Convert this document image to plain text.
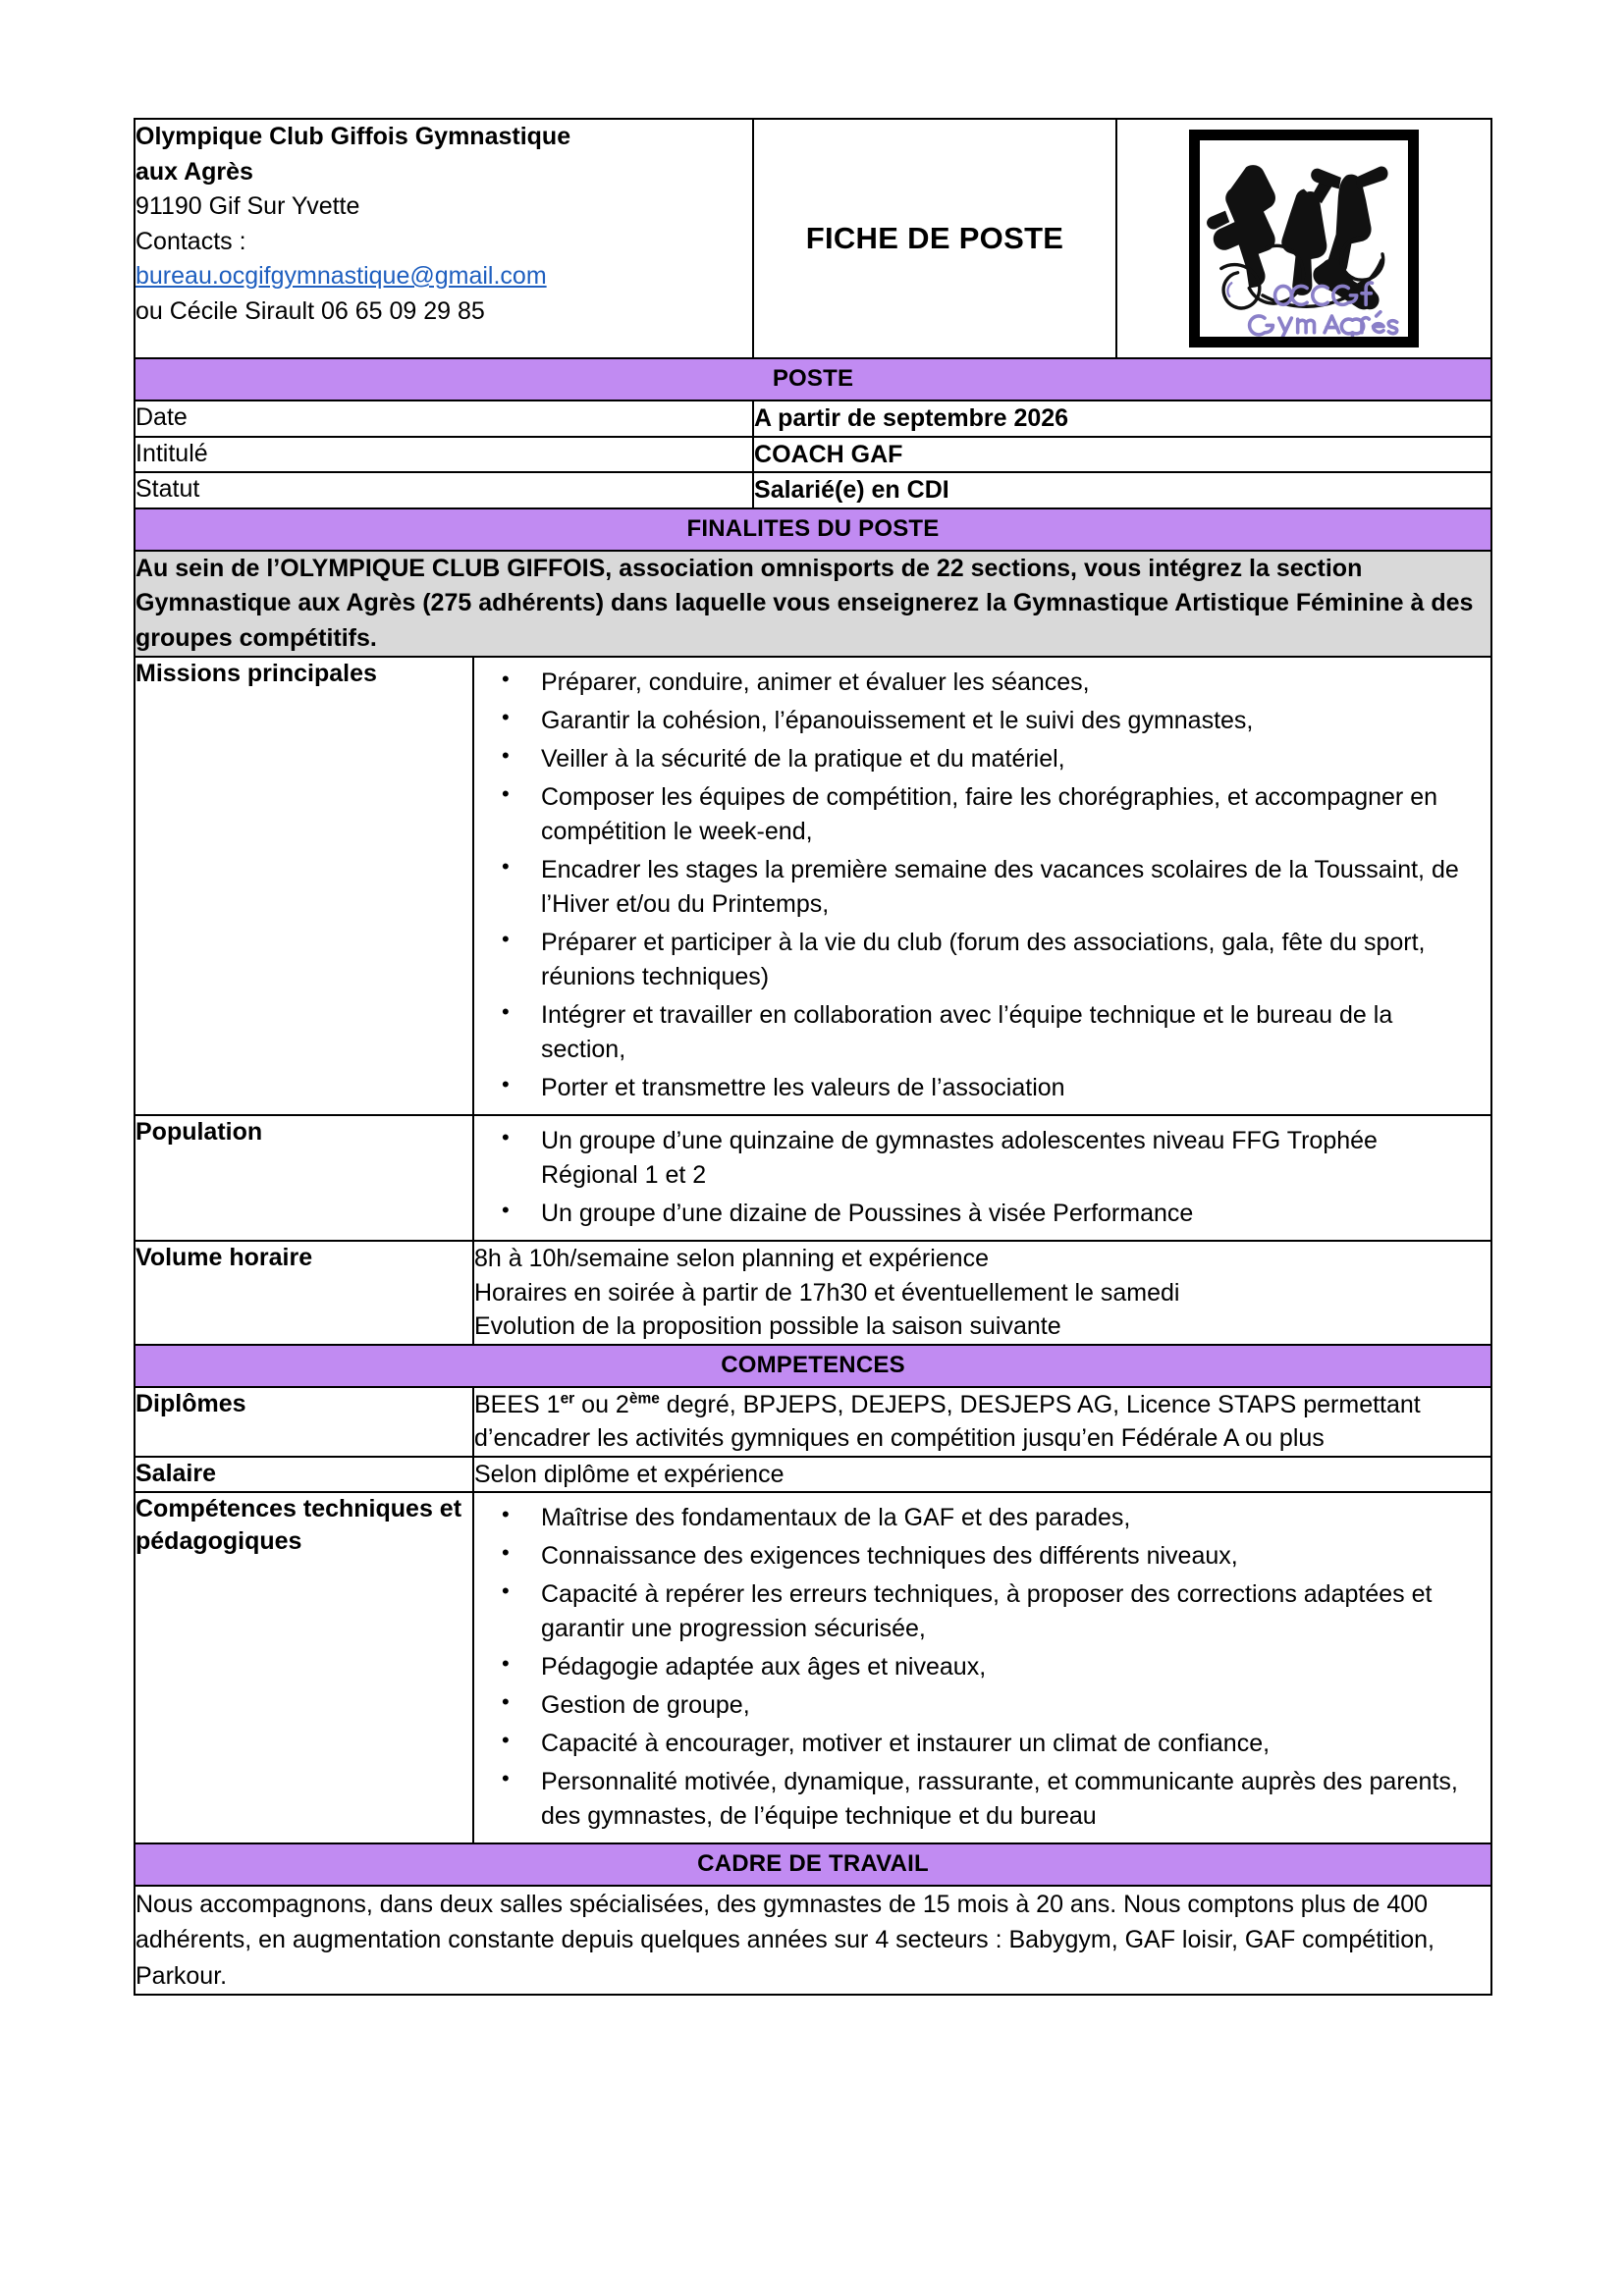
Olympique Club Giffois Gymnastique
aux Agrès
91190 Gif Sur Yvette
Contacts :
bureau.ocgifgymnastique@gmail.com
ou Cécile Sirault 06 65 09 29 85
	FICHE DE POSTE	

POSTE			
Date		A partir de septembre 2026	
Intitulé		COACH GAF	
Statut		Salarié(e) en CDI	
FINALITES DU POSTE			
Au sein de l’OLYMPIQUE CLUB GIFFOIS, association omnisports de 22 sections, vous intégrez la section Gymnastique aux Agrès (275 adhérents) dans laquelle vous enseignerez la Gymnastique Artistique Féminine à des groupes compétitifs.			
Missions principales	
•Préparer, conduire, animer et évaluer les séances,
• Garantir la cohésion, l’épanouissement et le suivi des gymnastes,
• Veiller à la sécurité de la pratique et du matériel,
• Composer les équipes de compétition, faire les chorégraphies, et accompagner en compétition le week-end,
• Encadrer les stages la première semaine des vacances scolaires de la Toussaint, de l’Hiver et/ou du Printemps,
• Préparer et participer à la vie du club (forum des associations, gala, fête du sport, réunions techniques)
• Intégrer et travailler en collaboration avec l’équipe technique et le bureau de la section,
• Porter et transmettre les valeurs de l’association

Population	
•Un groupe d’une quinzaine de gymnastes adolescentes niveau FFG Trophée Régional 1 et 2
• Un groupe d’une dizaine de Poussines à visée Performance

Volume horaire	8h à 10h/semaine selon planning et expérience
Horaires en soirée à partir de 17h30 et éventuellement le samedi
Evolution de la proposition possible la saison suivante		

COMPETENCES			
Diplômes	BEES 1er ou 2ème degré, BPJEPS, DEJEPS, DESJEPS AG, Licence STAPS permettant d’encadrer les activités gymniques en compétition jusqu’en Fédérale A ou plus		
Salaire	Selon diplôme et expérience		
Compétences techniques et pédagogiques	
• Maîtrise des fondamentaux de la GAF et des parades,
• Connaissance des exigences techniques des différents niveaux,
• Capacité à repérer les erreurs techniques, à proposer des corrections adaptées et garantir une progression sécurisée,
• Pédagogie adaptée aux âges et niveaux,
• Gestion de groupe,
• Capacité à encourager, motiver et instaurer un climat de confiance,
• Personnalité motivée, dynamique, rassurante, et communicante auprès des parents, des gymnastes, de l’équipe technique et du bureau

CADRE DE TRAVAIL			
Nous accompagnons, dans deux salles spécialisées, des gymnastes de 15 mois à 20 ans. Nous comptons plus de 400 adhérents, en augmentation constante depuis quelques années sur 4 secteurs : Babygym, GAF loisir, GAF compétition, Parkour.			
